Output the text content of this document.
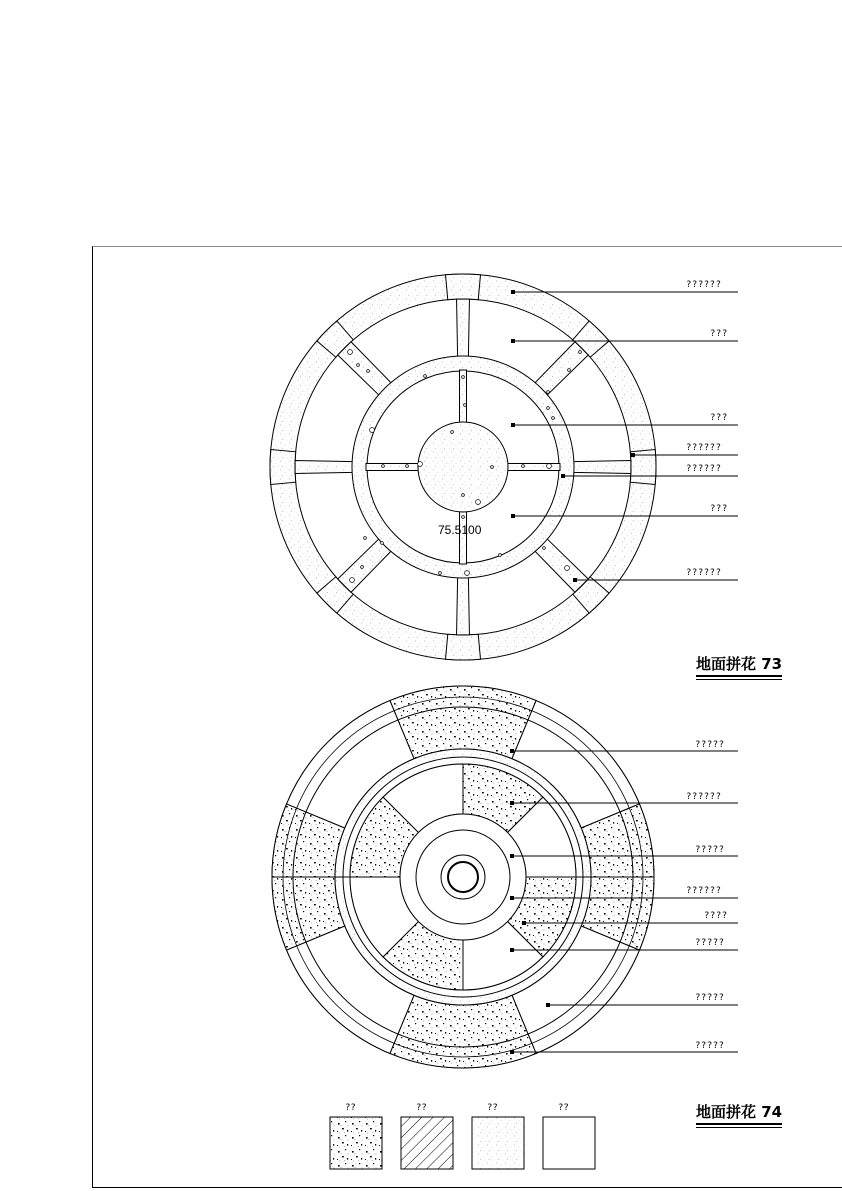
75.5100
??????
???
???
??????
??????
???
??????
地面拼花 73
?????
??????
?????
??????
????
?????
?????
?????
地面拼花 74
??	??	??	??
